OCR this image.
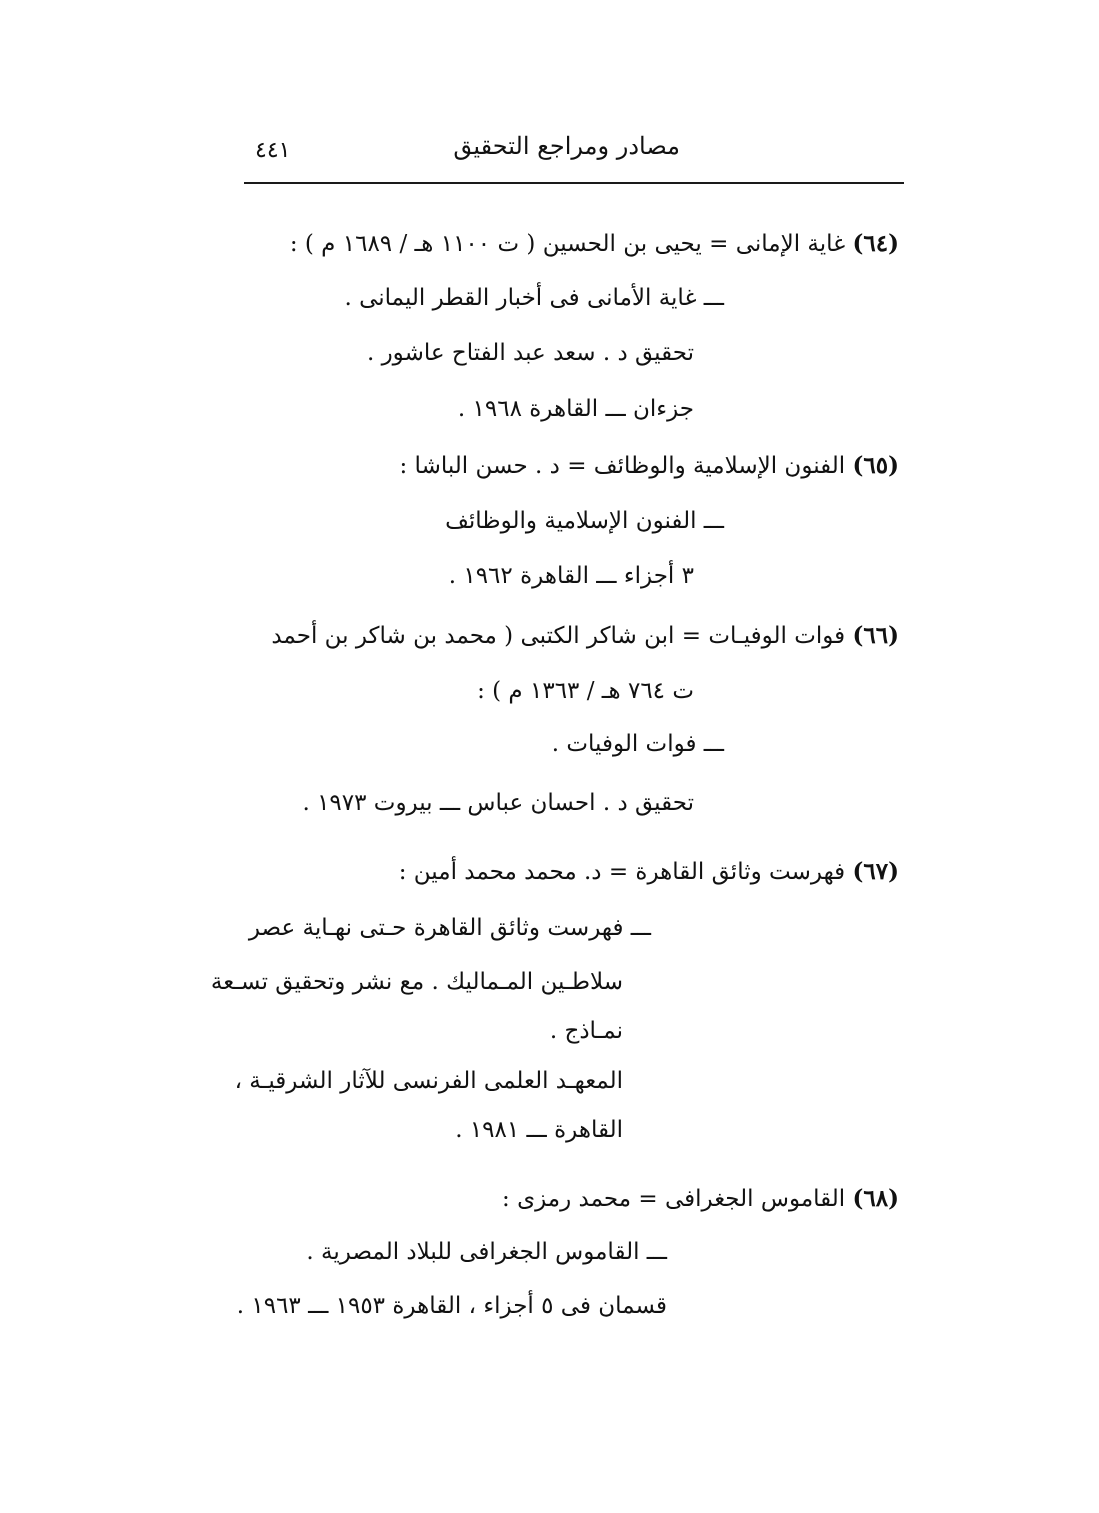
مصادر ومراجع التحقيق
٤٤١
(٦٤) غاية الإمانى = يحيى بن الحسين ( ت ١١٠٠ هـ / ١٦٨٩ م ) :
ـــ غاية الأمانى فى أخبار القطر اليمانى .
تحقيق د . سعد عبد الفتاح عاشور .
جزءان ـــ القاهرة ١٩٦٨ .
(٦٥) الفنون الإسلامية والوظائف = د . حسن الباشا :
ـــ الفنون الإسلامية والوظائف
٣ أجزاء ـــ القاهرة ١٩٦٢ .
(٦٦) فوات الوفيـات = ابن شاكر الكتبى ( محمد بن شاكر بن أحمد
ت ٧٦٤ هـ / ١٣٦٣ م ) :
ـــ فوات الوفيات .
تحقيق د . احسان عباس ـــ بيروت ١٩٧٣ .
(٦٧) فهرست وثائق القاهرة = د. محمد محمد أمين :
ـــ فهرست وثائق القاهرة حـتى نهـاية عصر
سلاطـين المـماليك . مع نشر وتحقيق تسـعة
نمـاذج .
المعهـد العلمى الفرنسى للآثار الشرقيـة ،
القاهرة ـــ ١٩٨١ .
(٦٨) القاموس الجغرافى = محمد رمزى :
ـــ القاموس الجغرافى للبلاد المصرية .
قسمان فى ٥ أجزاء ، القاهرة ١٩٥٣ ـــ ١٩٦٣ .
